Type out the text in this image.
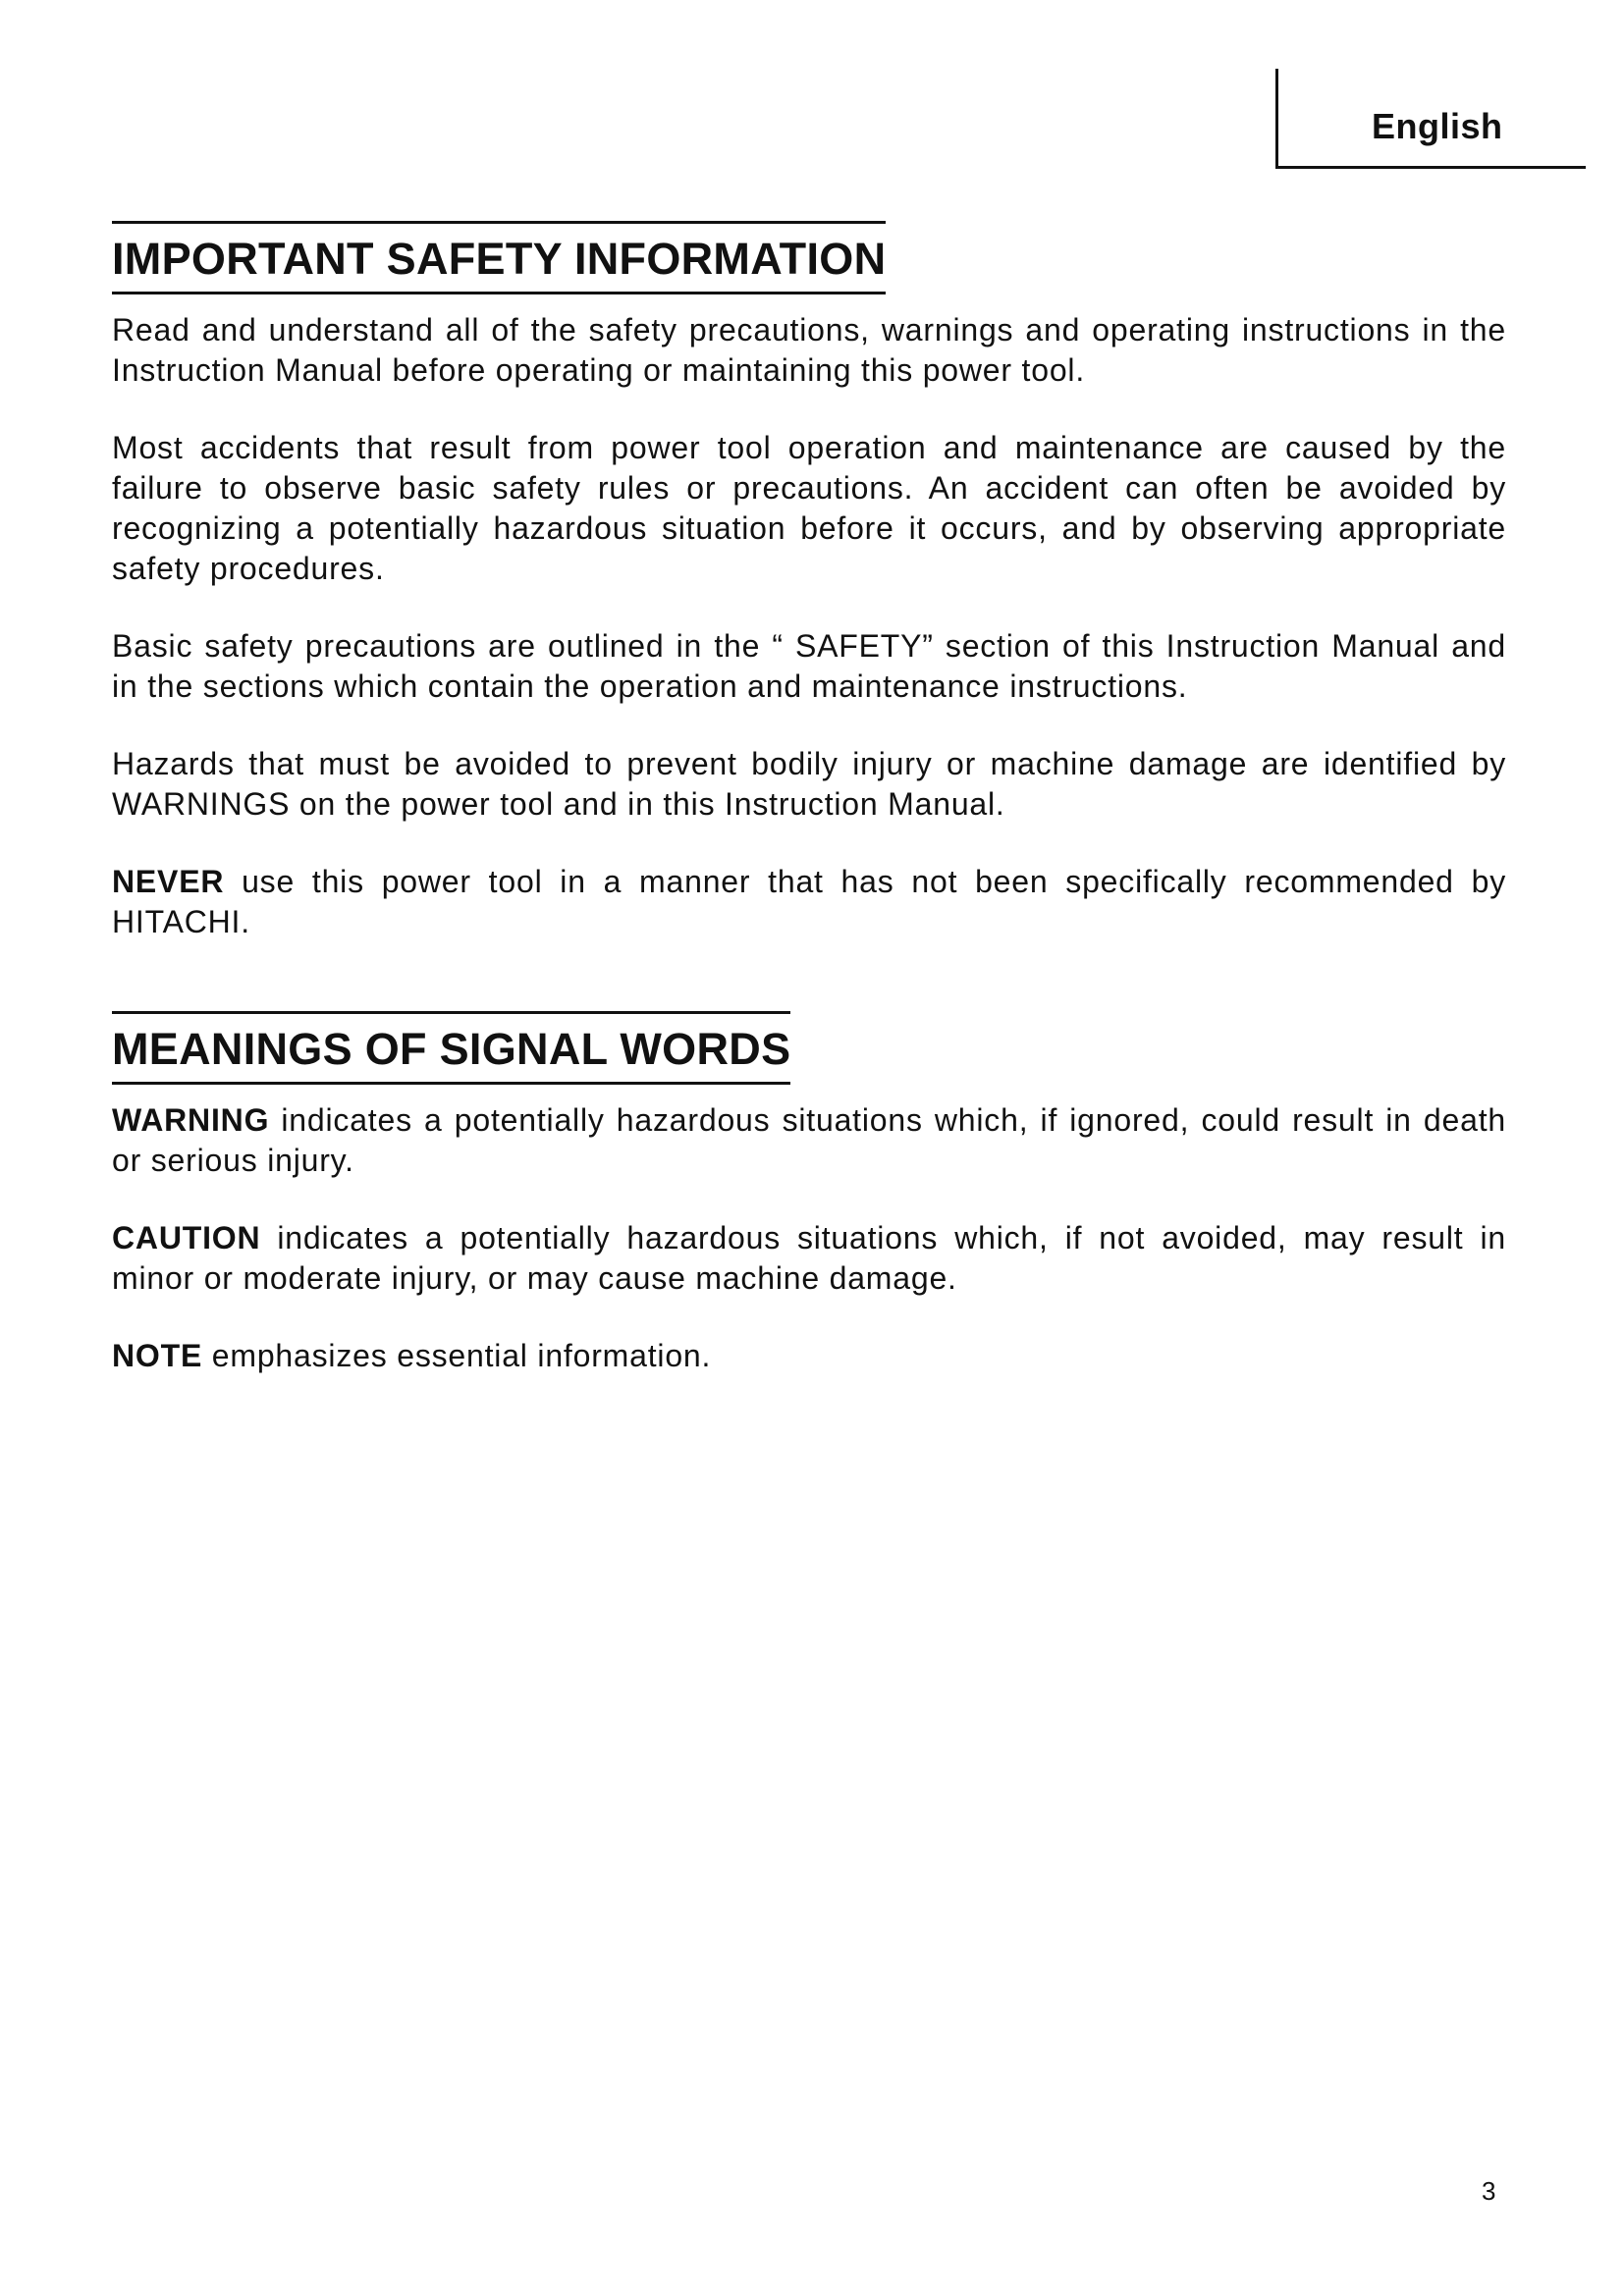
English
IMPORTANT SAFETY INFORMATION

Read and understand all of the safety precautions, warnings and operating instructions in the Instruction Manual before operating or maintaining this power tool.

Most accidents that result from power tool operation and maintenance are caused by the failure to observe basic safety rules or precautions. An accident can often be avoided by recognizing a potentially hazardous situation before it occurs, and by observing appropriate safety procedures.

Basic safety precautions are outlined in the “ SAFETY” section of this Instruction Manual and in the sections which contain the operation and maintenance instructions.

Hazards that must be avoided to prevent bodily injury or machine damage are identified by WARNINGS on the power tool and in this Instruction Manual.

NEVER use this power tool in a manner that has not been specifically recommended by HITACHI.

MEANINGS OF SIGNAL WORDS

WARNING indicates a potentially hazardous situations which, if ignored, could result in death or serious injury.

CAUTION indicates a potentially hazardous situations which, if not avoided, may result in minor or moderate injury, or may cause machine damage.

NOTE emphasizes essential information.

3
